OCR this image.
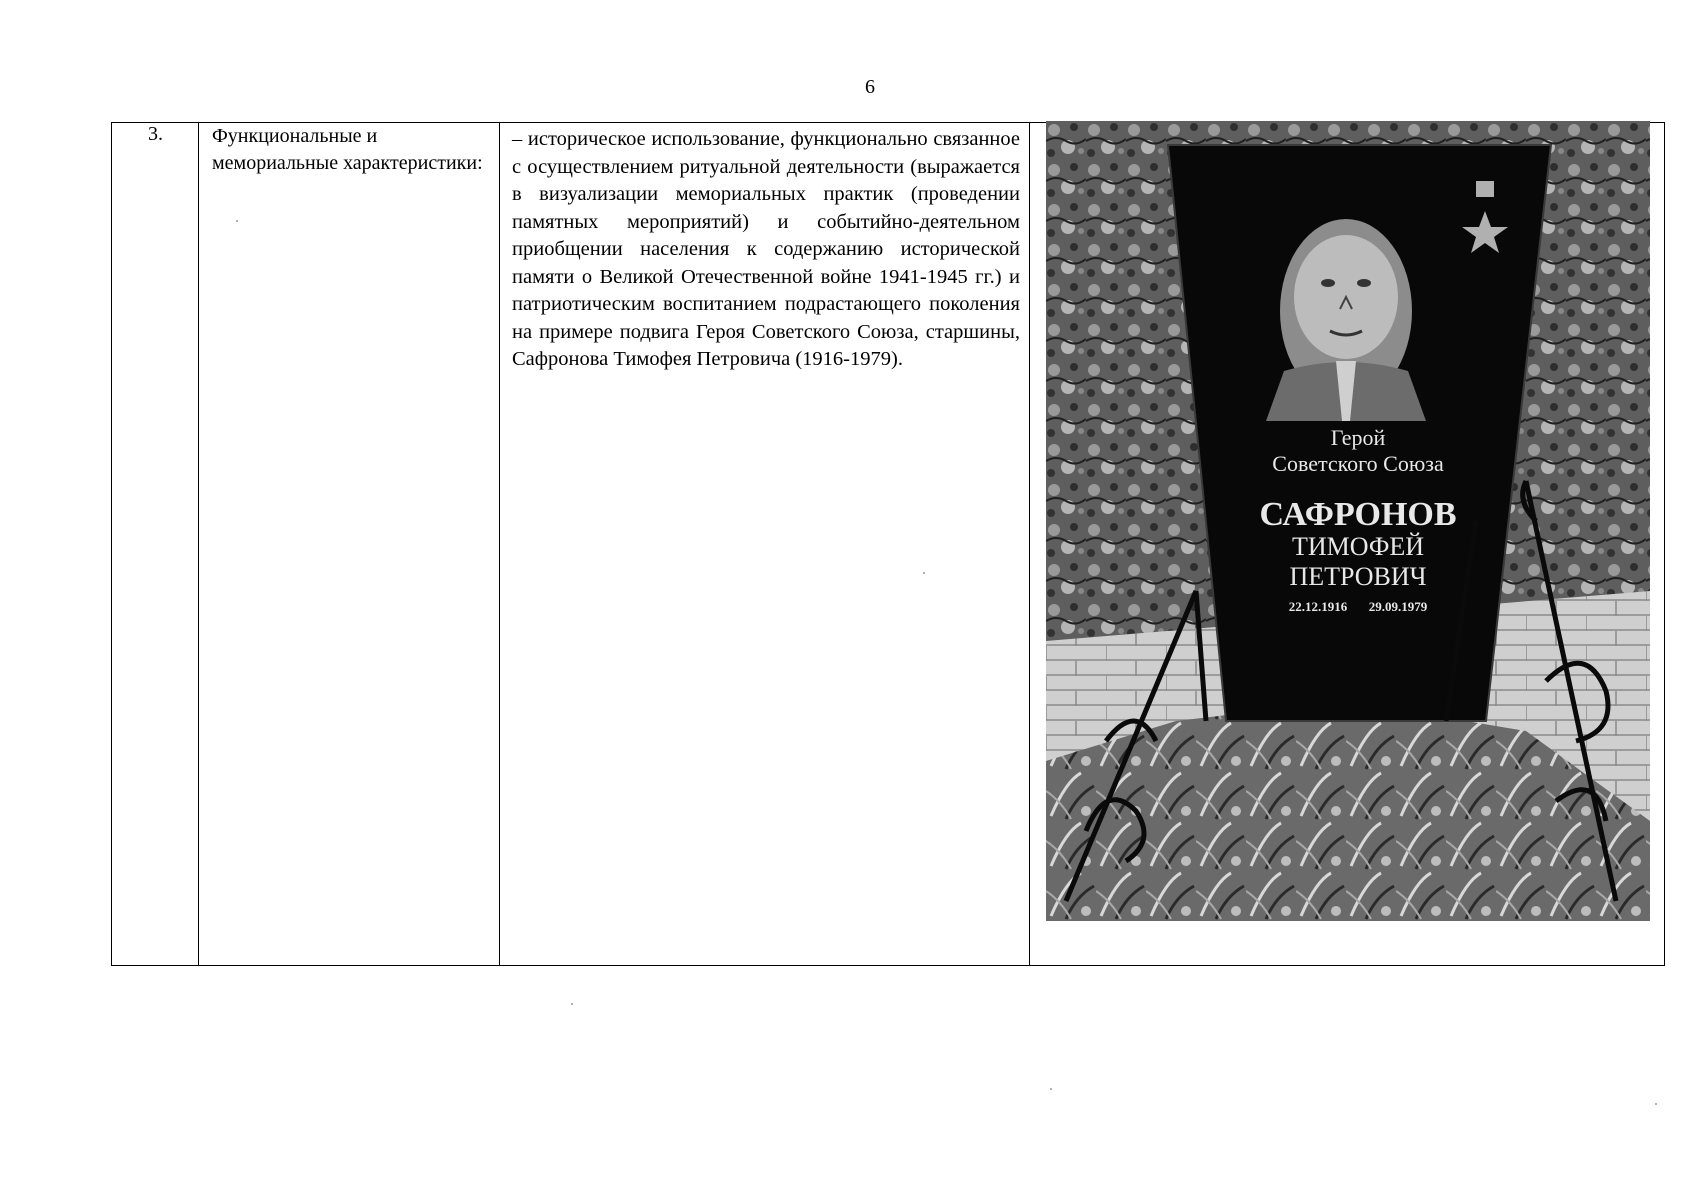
6
3. Функциональные и мемориальные характеристики:
– историческое использование, функционально связанное с осуществлением ритуальной деятельности (выражается в визуализации мемориальных практик (проведении памятных мероприятий) и событийно-деятельном приобщении населения к содержанию исторической памяти о Великой Отечественной войне 1941-1945 гг.) и патриотическим воспитанием подрастающего поколения на примере подвига Героя Советского Союза, старшины, Сафронова Тимофея Петровича (1916-1979).
Герой
Советского Союза
САФРОНОВ
ТИМОФЕЙ
ПЕТРОВИЧ
22.12.1916 29.09.1979
